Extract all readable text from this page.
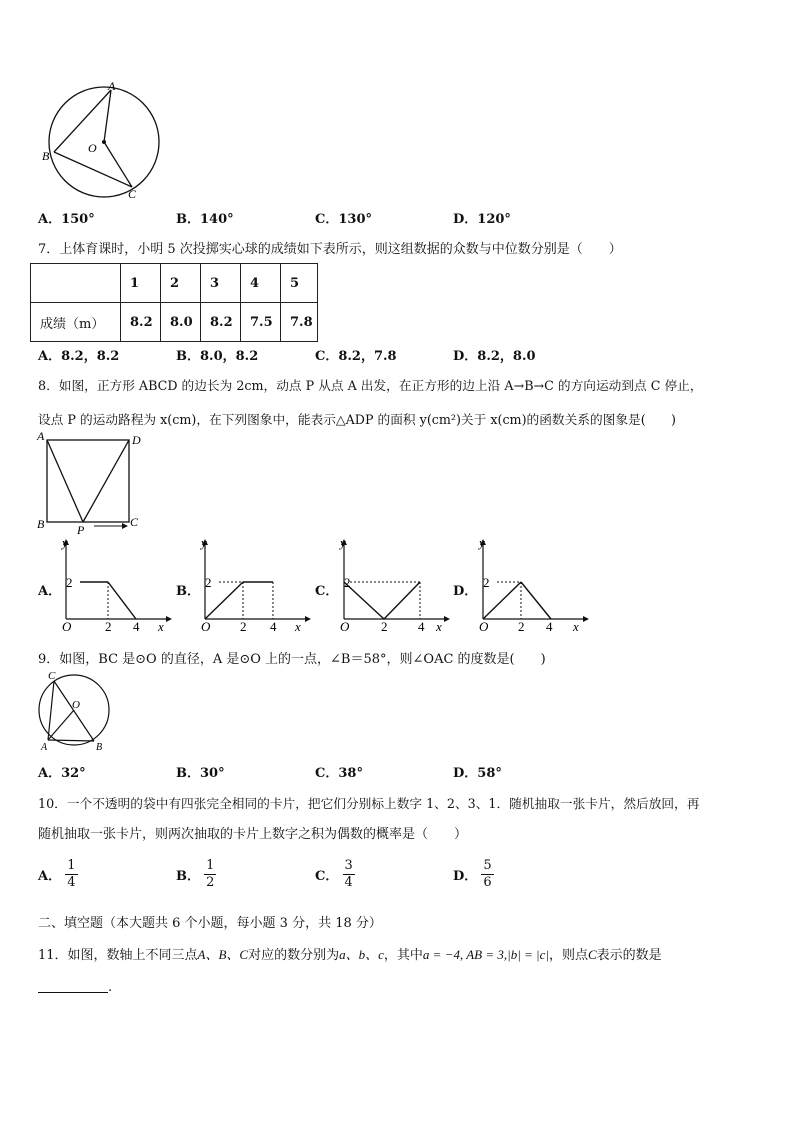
A
B
C
O
A．150°	B．140°	C．130°	D．120°
7．上体育课时，小明 5 次投掷实心球的成绩如下表所示，则这组数据的众数与中位数分别是（　　）
	1	2	3	4	5
成绩（m）	8.2	8.0	8.2	7.5	7.8
A．8.2，8.2	B．8.0，8.2	C．8.2，7.8	D．8.2，8.0
8．如图，正方形 ABCD 的边长为 2cm，动点 P 从点 A 出发，在正方形的边上沿 A→B→C 的方向运动到点 C 停止，
设点 P 的运动路程为 x(cm)，在下列图象中，能表示△ADP 的面积 y(cm²)关于 x(cm)的函数关系的图象是(　　)
A	D
B	C
P
A．
y
2
O	2 4 x
B．
y
2
O 2 4 x
C．
y
2
O 2 4 x
D．
y
2
O 2 4 x
9．如图，BC 是⊙O 的直径，A 是⊙O 上的一点，∠B＝58°，则∠OAC 的度数是(　　)
C
O
A	B
A．32°	B．30°	C．38°	D．58°
10．一个不透明的袋中有四张完全相同的卡片，把它们分别标上数字 1、2、3、1．随机抽取一张卡片，然后放回，再
随机抽取一张卡片，则两次抽取的卡片上数字之积为偶数的概率是（　　）
A． $\frac{1}{4}$	B． $\frac{1}{2}$	C． $\frac{3}{4}$	D． $\frac{5}{6}$
二、填空题（本大题共 6 个小题，每小题 3 分，共 18 分）
11．如图，数轴上不同三点A、B、C对应的数分别为a、b、c，其中a = −4, AB = 3,|b| = |c|，则点C表示的数是
.
